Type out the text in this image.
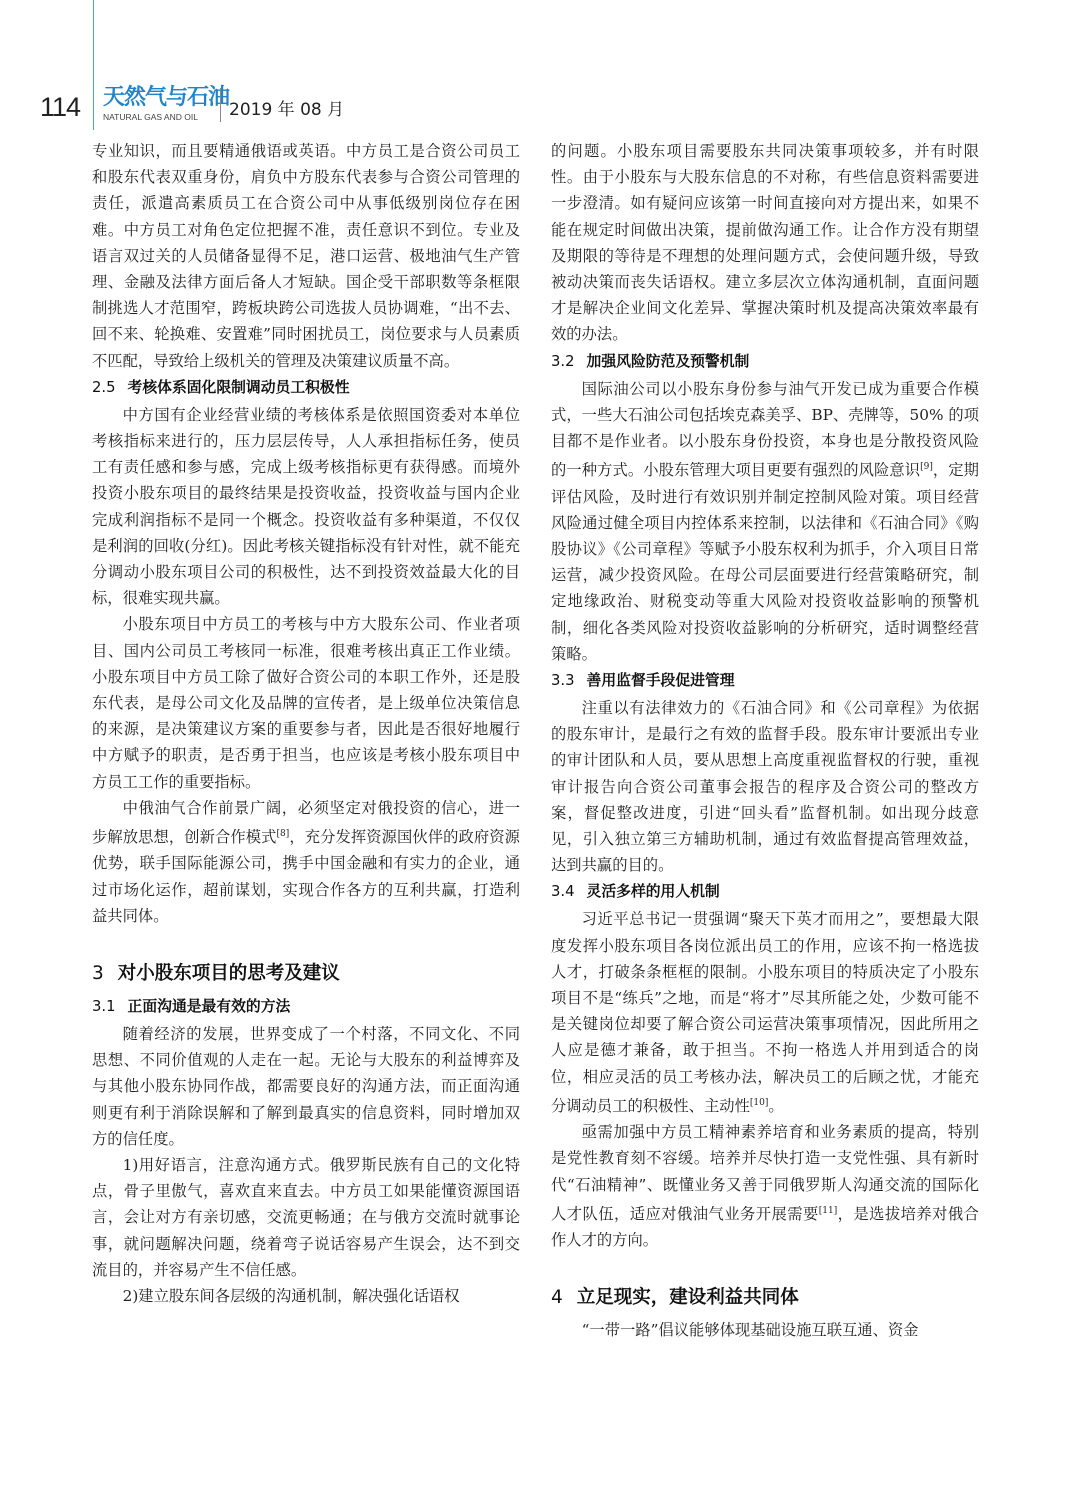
114 天然气与石油
NATURAL GAS AND OIL 2019 年 08 月

专业知识，而且要精通俄语或英语。中方员工是合资公司员工和股东代表双重身份，肩负中方股东代表参与合资公司管理的责任，派遣高素质员工在合资公司中从事低级别岗位存在困难。中方员工对角色定位把握不准，责任意识不到位。专业及语言双过关的人员储备显得不足，港口运营、极地油气生产管理、金融及法律方面后备人才短缺。国企受干部职数等条框限制挑选人才范围窄，跨板块跨公司选拔人员协调难，“出不去、回不来、轮换难、安置难”同时困扰员工，岗位要求与人员素质不匹配，导致给上级机关的管理及决策建议质量不高。

2.5 考核体系固化限制调动员工积极性

中方国有企业经营业绩的考核体系是依照国资委对本单位考核指标来进行的，压力层层传导，人人承担指标任务，使员工有责任感和参与感，完成上级考核指标更有获得感。而境外投资小股东项目的最终结果是投资收益，投资收益与国内企业完成利润指标不是同一个概念。投资收益有多种渠道，不仅仅是利润的回收(分红)。因此考核关键指标没有针对性，就不能充分调动小股东项目公司的积极性，达不到投资效益最大化的目标，很难实现共赢。

小股东项目中方员工的考核与中方大股东公司、作业者项目、国内公司员工考核同一标准，很难考核出真正工作业绩。小股东项目中方员工除了做好合资公司的本职工作外，还是股东代表，是母公司文化及品牌的宣传者，是上级单位决策信息的来源，是决策建议方案的重要参与者，因此是否很好地履行中方赋予的职责，是否勇于担当，也应该是考核小股东项目中方员工工作的重要指标。

中俄油气合作前景广阔，必须坚定对俄投资的信心，进一步解放思想，创新合作模式[8]，充分发挥资源国伙伴的政府资源优势，联手国际能源公司，携手中国金融和有实力的企业，通过市场化运作，超前谋划，实现合作各方的互利共赢，打造利益共同体。

3 对小股东项目的思考及建议
3.1 正面沟通是最有效的方法

随着经济的发展，世界变成了一个村落，不同文化、不同思想、不同价值观的人走在一起。无论与大股东的利益博弈及与其他小股东协同作战，都需要良好的沟通方法，而正面沟通则更有利于消除误解和了解到最真实的信息资料，同时增加双方的信任度。

1)用好语言，注意沟通方式。俄罗斯民族有自己的文化特点，骨子里傲气，喜欢直来直去。中方员工如果能懂资源国语言，会让对方有亲切感，交流更畅通；在与俄方交流时就事论事，就问题解决问题，绕着弯子说话容易产生误会，达不到交流目的，并容易产生不信任感。

2)建立股东间各层级的沟通机制，解决强化话语权

的问题。小股东项目需要股东共同决策事项较多，并有时限性。由于小股东与大股东信息的不对称，有些信息资料需要进一步澄清。如有疑问应该第一时间直接向对方提出来，如果不能在规定时间做出决策，提前做沟通工作。让合作方没有期望及期限的等待是不理想的处理问题方式，会使问题升级，导致被动决策而丧失话语权。建立多层次立体沟通机制，直面问题才是解决企业间文化差异、掌握决策时机及提高决策效率最有效的办法。

3.2 加强风险防范及预警机制

国际油公司以小股东身份参与油气开发已成为重要合作模式，一些大石油公司包括埃克森美孚、BP、壳牌等，50% 的项目都不是作业者。以小股东身份投资，本身也是分散投资风险的一种方式。小股东管理大项目更要有强烈的风险意识[9]，定期评估风险，及时进行有效识别并制定控制风险对策。项目经营风险通过健全项目内控体系来控制，以法律和《石油合同》《购股协议》《公司章程》等赋予小股东权利为抓手，介入项目日常运营，减少投资风险。在母公司层面要进行经营策略研究，制定地缘政治、财税变动等重大风险对投资收益影响的预警机制，细化各类风险对投资收益影响的分析研究，适时调整经营策略。

3.3 善用监督手段促进管理

注重以有法律效力的《石油合同》和《公司章程》为依据的股东审计，是最行之有效的监督手段。股东审计要派出专业的审计团队和人员，要从思想上高度重视监督权的行驶，重视审计报告向合资公司董事会报告的程序及合资公司的整改方案，督促整改进度，引进“回头看”监督机制。如出现分歧意见，引入独立第三方辅助机制，通过有效监督提高管理效益，达到共赢的目的。

3.4 灵活多样的用人机制

习近平总书记一贯强调“聚天下英才而用之”，要想最大限度发挥小股东项目各岗位派出员工的作用，应该不拘一格选拔人才，打破条条框框的限制。小股东项目的特质决定了小股东项目不是“练兵”之地，而是“将才”尽其所能之处，少数可能不是关键岗位却要了解合资公司运营决策事项情况，因此所用之人应是德才兼备，敢于担当。不拘一格选人并用到适合的岗位，相应灵活的员工考核办法，解决员工的后顾之忧，才能充分调动员工的积极性、主动性[10]。

亟需加强中方员工精神素养培育和业务素质的提高，特别是党性教育刻不容缓。培养并尽快打造一支党性强、具有新时代“石油精神”、既懂业务又善于同俄罗斯人沟通交流的国际化人才队伍，适应对俄油气业务开展需要[11]，是选拔培养对俄合作人才的方向。

4 立足现实，建设利益共同体

“一带一路”倡议能够体现基础设施互联互通、资金
